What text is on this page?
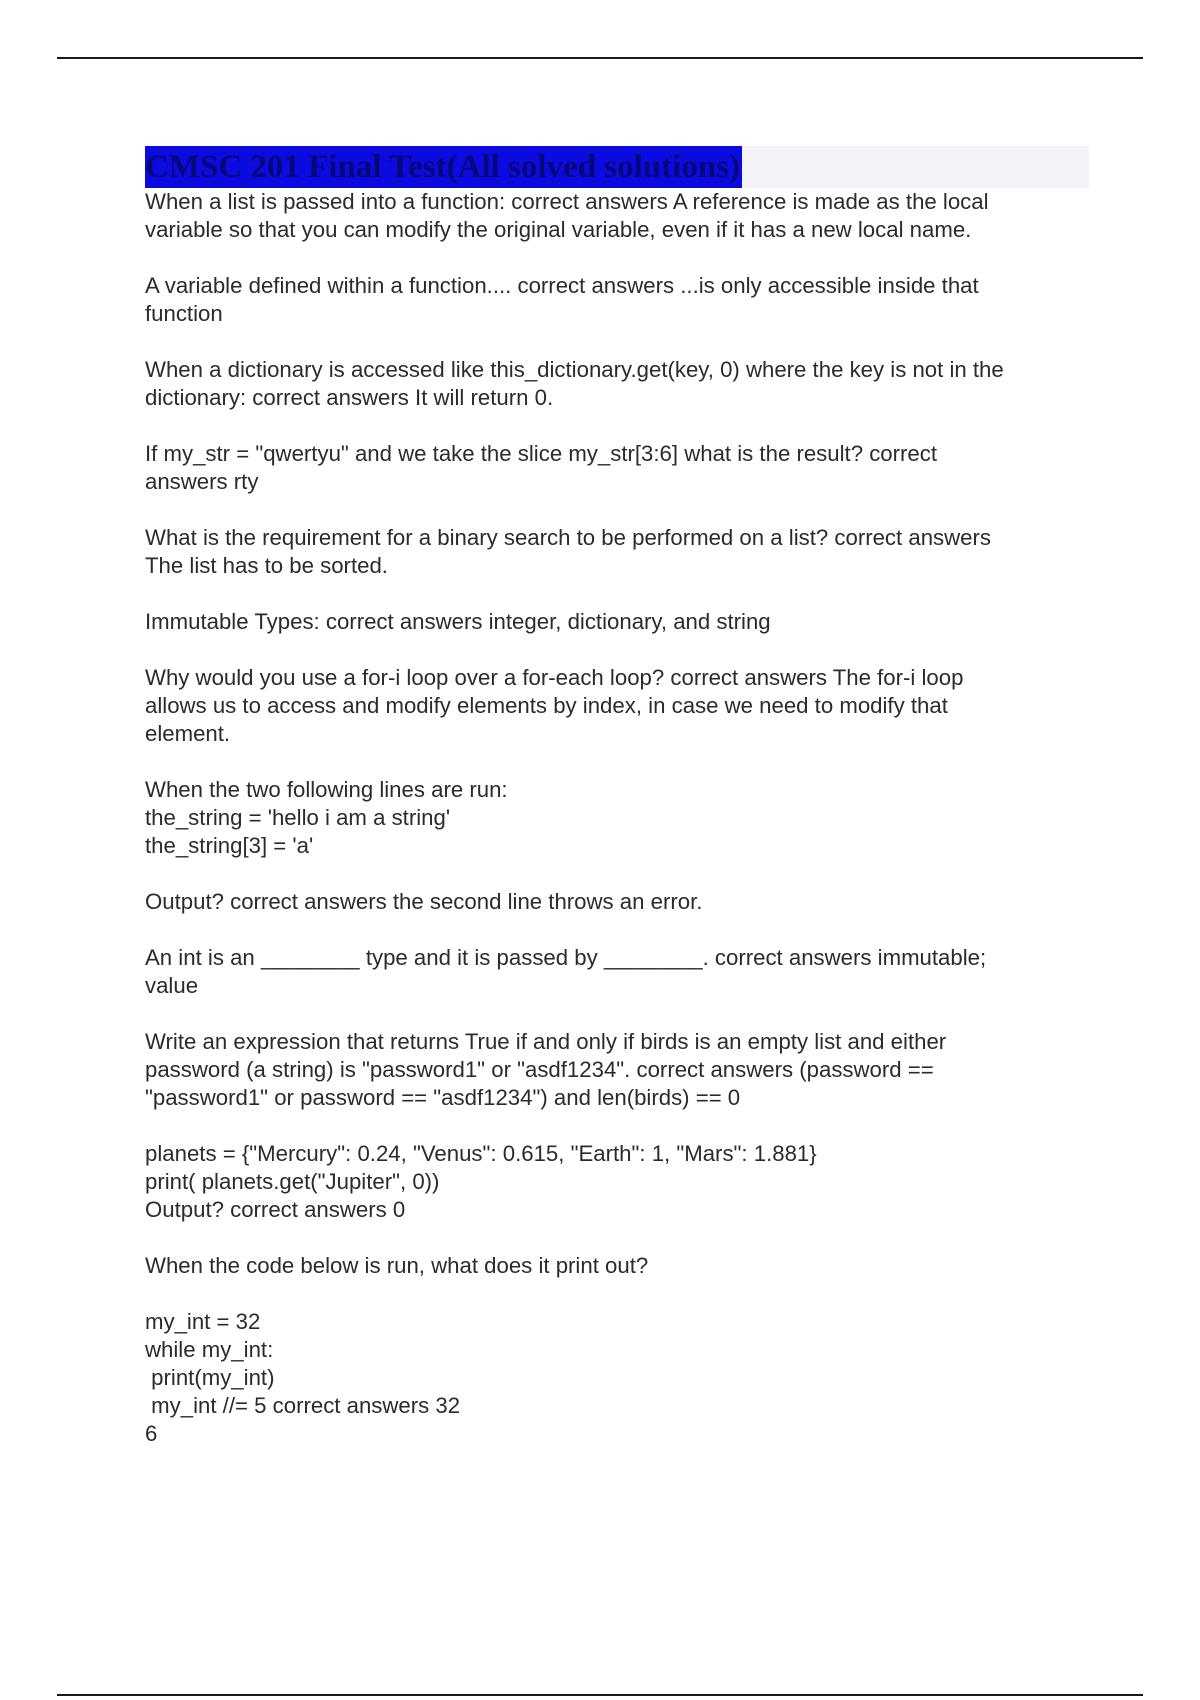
CMSC 201 Final Test(All solved solutions)
When a list is passed into a function: correct answers A reference is made as the local
variable so that you can modify the original variable, even if it has a new local name.
A variable defined within a function.... correct answers ...is only accessible inside that
function
When a dictionary is accessed like this_dictionary.get(key, 0) where the key is not in the
dictionary: correct answers It will return 0.
If my_str = "qwertyu" and we take the slice my_str[3:6] what is the result? correct
answers rty
What is the requirement for a binary search to be performed on a list? correct answers
The list has to be sorted.
Immutable Types: correct answers integer, dictionary, and string
Why would you use a for-i loop over a for-each loop? correct answers The for-i loop
allows us to access and modify elements by index, in case we need to modify that
element.
When the two following lines are run:
the_string = 'hello i am a string'
the_string[3] = 'a'
Output? correct answers the second line throws an error.
An int is an ________ type and it is passed by ________. correct answers immutable;
value
Write an expression that returns True if and only if birds is an empty list and either
password (a string) is "password1" or "asdf1234". correct answers (password ==
"password1" or password == "asdf1234") and len(birds) == 0
planets = {"Mercury": 0.24, "Venus": 0.615, "Earth": 1, "Mars": 1.881}
print( planets.get("Jupiter", 0))
Output? correct answers 0
When the code below is run, what does it print out?
my_int = 32
while my_int:
print(my_int)
my_int //= 5 correct answers 32
6
